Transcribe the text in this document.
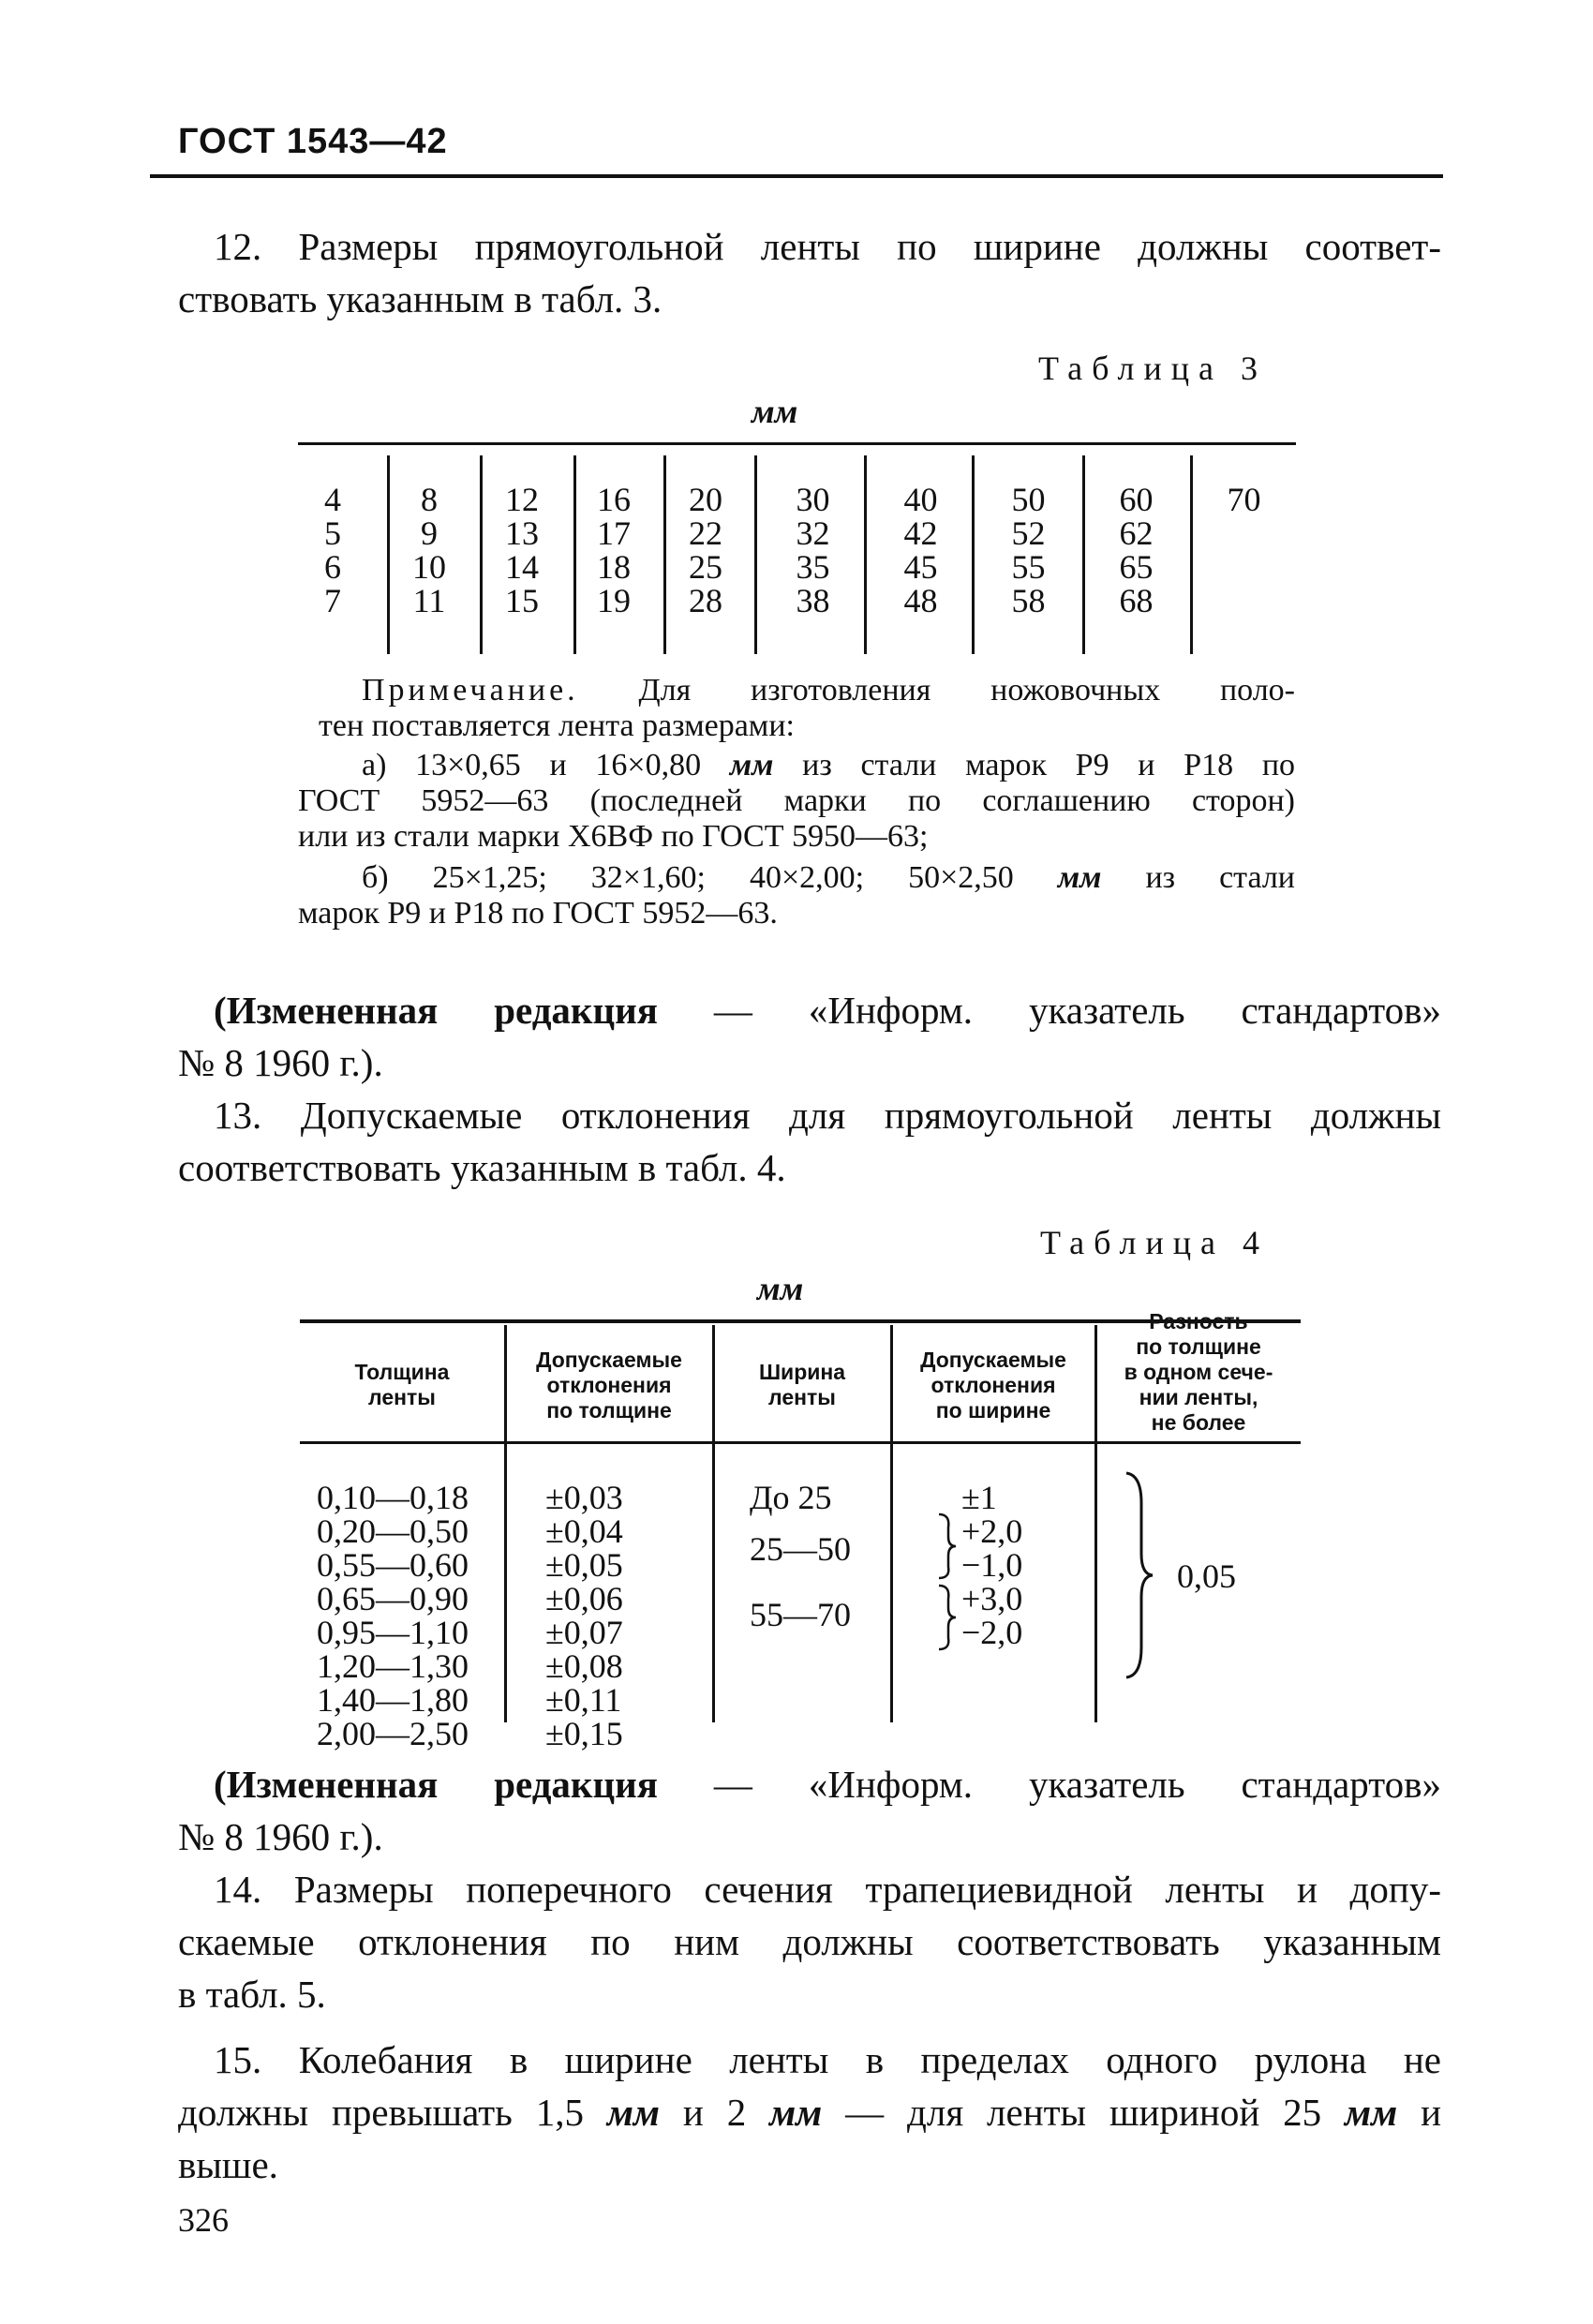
ГОСТ 1543—42
12. Размеры прямоугольной ленты по ширине должны соответ-
ствовать указанным в табл. 3.
Таблица 3
мм
4
5
6
7
8
9
10
11
12
13
14
15
16
17
18
19
20
22
25
28
30
32
35
38
40
42
45
48
50
52
55
58
60
62
65
68
70
Примечание. Для изготовления ножовочных поло-
тен поставляется лента размерами:
а) 13×0,65 и 16×0,80 мм из стали марок Р9 и Р18 по
ГОСТ 5952—63 (последней марки по соглашению сторон)
или из стали марки Х6ВФ по ГОСТ 5950—63;
б) 25×1,25; 32×1,60; 40×2,00; 50×2,50 мм из стали
марок Р9 и Р18 по ГОСТ 5952—63.
(Измененная редакция — «Информ. указатель стандартов»
№ 8 1960 г.).
13. Допускаемые отклонения для прямоугольной ленты должны
соответствовать указанным в табл. 4.
Таблица 4
мм
Толщина
ленты
Допускаемые
отклонения
по толщине
Ширина
ленты
Допускаемые
отклонения
по ширине
Разность
по толщине
в одном сече-
нии ленты,
не более
0,10—0,18
0,20—0,50
0,55—0,60
0,65—0,90
0,95—1,10
1,20—1,30
1,40—1,80
2,00—2,50
±0,03
±0,04
±0,05
±0,06
±0,07
±0,08
±0,11
±0,15
До 25
25—50
55—70
±1
+2,0
−1,0
+3,0
−2,0
0,05
(Измененная редакция — «Информ. указатель стандартов»
№ 8 1960 г.).
14. Размеры поперечного сечения трапециевидной ленты и допу-
скаемые отклонения по ним должны соответствовать указанным
в табл. 5.
15. Колебания в ширине ленты в пределах одного рулона не
должны превышать 1,5 мм и 2 мм — для ленты шириной 25 мм и
выше.
326
